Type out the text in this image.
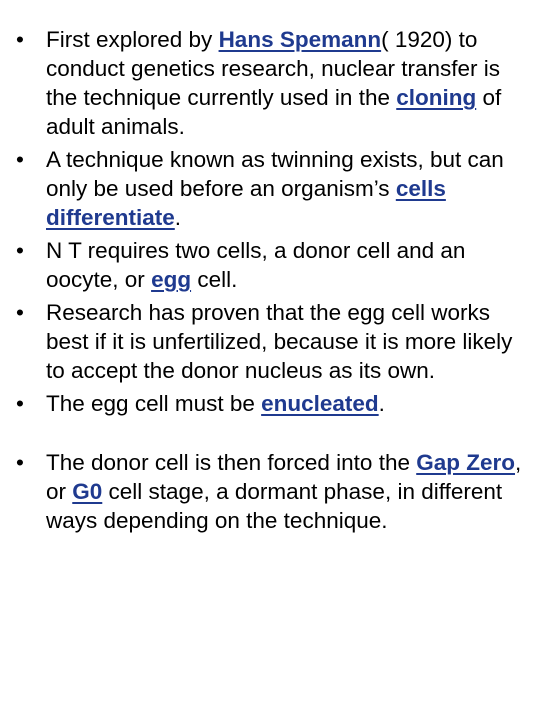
• First explored by Hans Spemann( 1920) to conduct genetics research, nuclear transfer is the technique currently used in the cloning of adult animals.
• A technique known as twinning exists, but can only be used before an organism’s cells differentiate.
• N T requires two cells, a donor cell and an oocyte, or egg cell.
• Research has proven that the egg cell works best if it is unfertilized, because it is more likely to accept the donor nucleus as its own.
• The egg cell must be enucleated.
• The donor cell is then forced into the Gap Zero, or G0 cell stage, a dormant phase, in different ways depending on the technique.
